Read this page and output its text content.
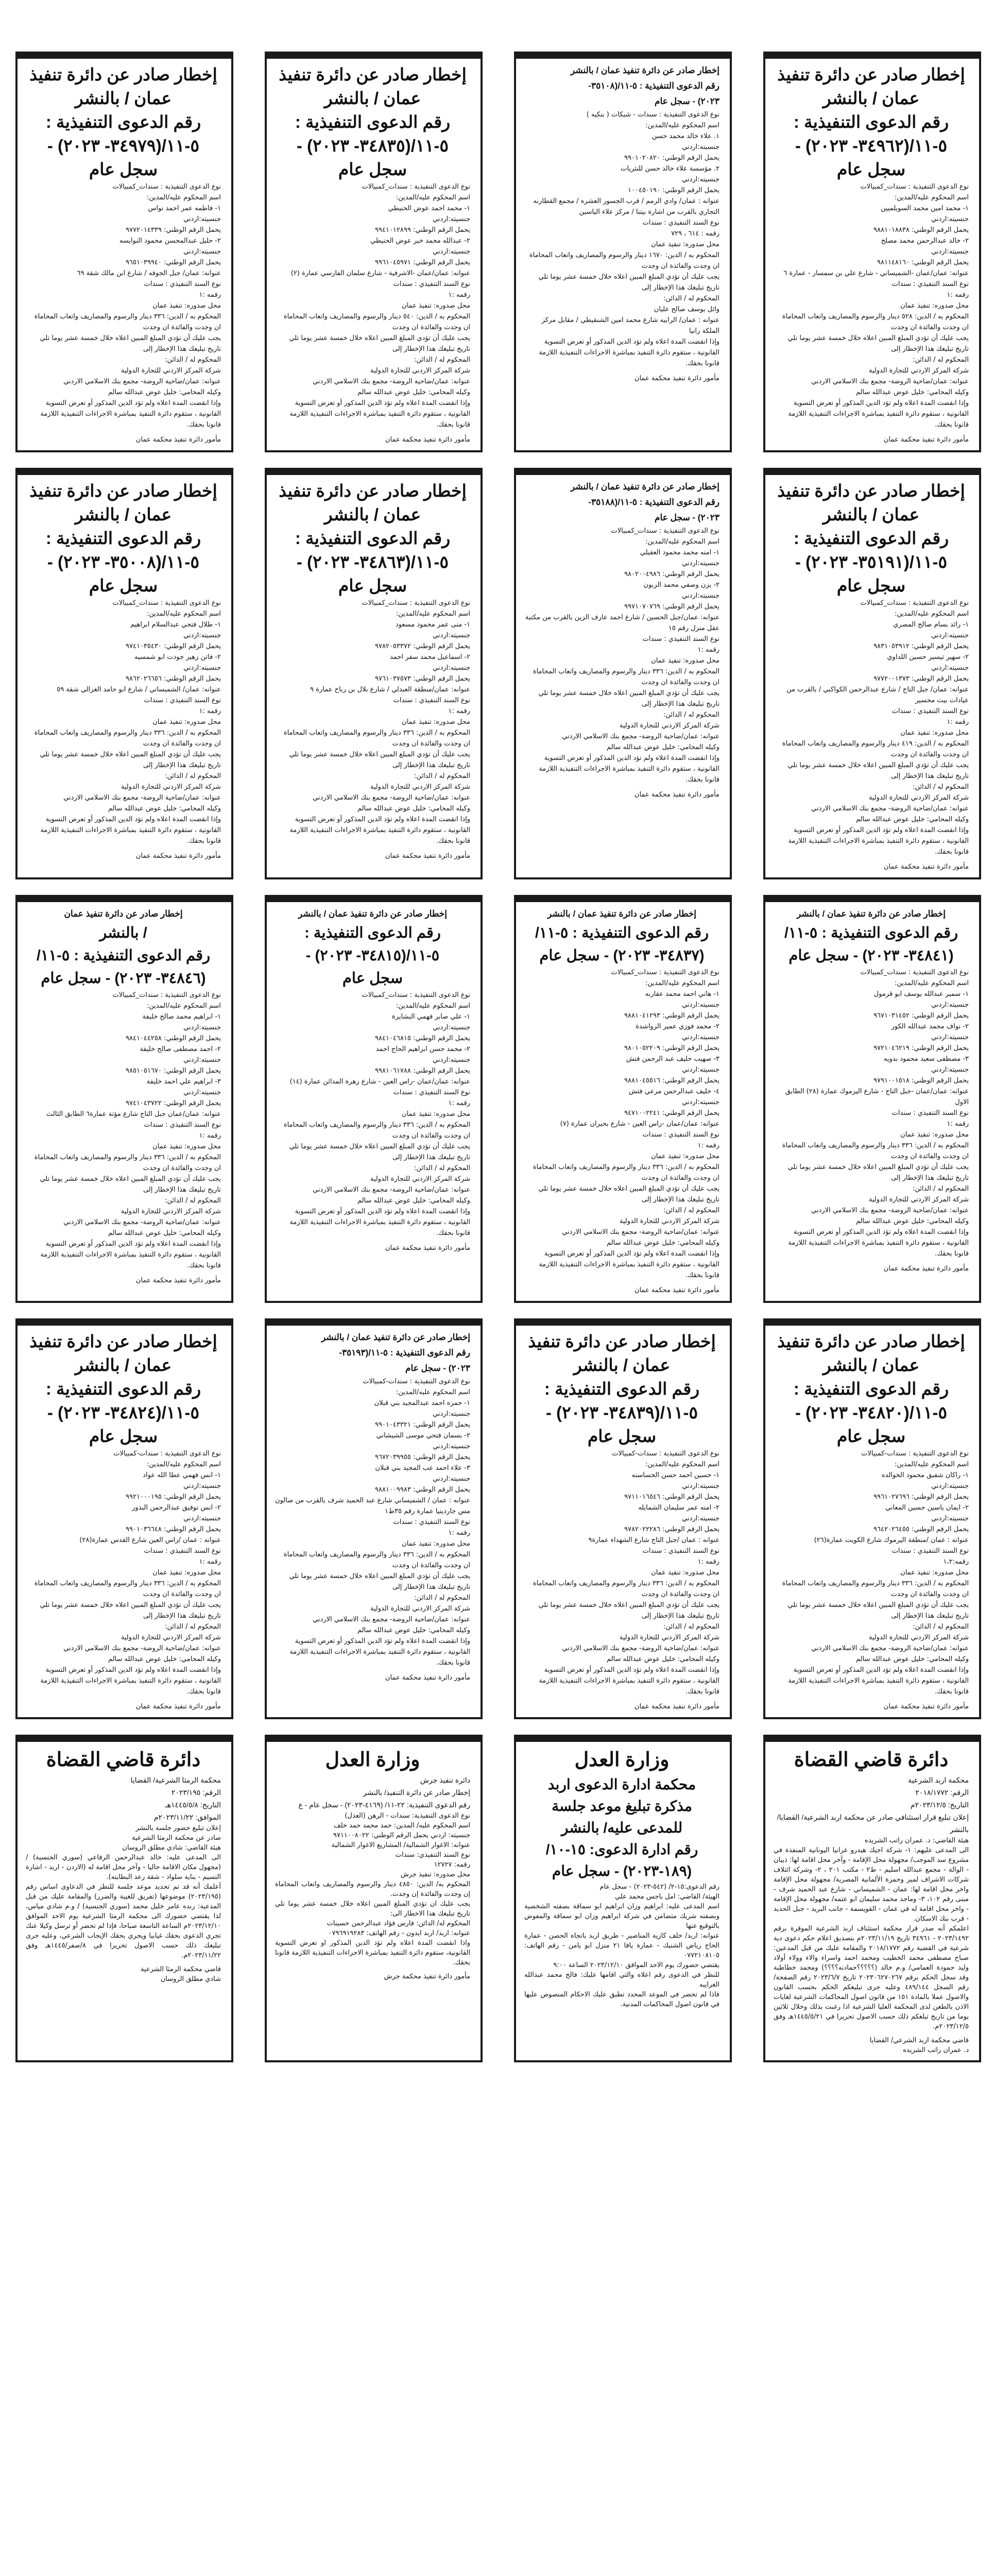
إخطار صادر عن دائرة تنفيذ
عمان / بالنشر
رقم الدعوى التنفيذية :
٥-١١/(٣٤٩٦٢- ٢٠٢٣) -
سجل عام
نوع الدعوى التنفيذية : سندات_كمبيالات
اسم المحكوم عليه/المدين:
١- محمد امين محمد السويلميين
جنسيته:اردني
يحمل الرقم الوطني: ٩٨٨١٠١٨٨٣٨
٢- خالد عبدالرحمن محمد مصلح
جنسيته:اردني
يحمل الرقم الوطني: ٩٨١١٤٨١٦٠
عنوانه: عمان/عمان -الشميساني - شارع علي بن سمسار - عمارة ٦
نوع السند التنفيذي : سندات
رقمه :١
محل صدوره: تنفيذ عمان
المحكوم به / الدين: ٥٢٨ دينار والرسوم والمصاريف واتعاب المحاماة ان وجدت والفائدة ان وجدت
يجب عليك أن تؤدي المبلغ المبين اعلاه خلال خمسة عشر يوما تلي تاريخ تبليغك هذا الإخطار إلى
المحكوم له / الدائن:
شركة المركز الاردني للتجارة الدولية
عنوانه: عمان/ضاحية الروضة- مجمع بنك الاسلامي الاردني
وكيله المحامي: خليل عوض عبدالله سالم
وإذا انقضت المدة اعلاه ولم تؤد الدين المذكور أو تعرض التسوية القانونية ، ستقوم دائرة التنفيذ بمباشرة الاجراءات التنفيذية اللازمة قانونا بحقك.
مأمور دائرة تنفيذ محكمة عمان
إخطار صادر عن دائرة تنفيذ عمان / بالنشر
رقم الدعوى التنفيذية : ٥-١١/(٣٥١٠٨-
٢٠٢٣) - سجل عام
نوع الدعوى التنفيذية : سندات - شيكات ( بنكيه )
اسم المحكوم عليه/المدين:
١. علاء خالد محمد حسن
جنسيته:اردني
يحمل الرقم الوطني: ٩٩٠١٠٢٠٨٢٠
٢. مؤسسة علاء خالد حسن للنثريات
جنسيته:اردني
يحمل الرقم الوطني: ١٠٠٤٥٠١٩٠
عنوانه : عمان/ وادي الرمم / قرب الجسور العشره / مجمع القطارنه التجاري بالقرب من اشارة بيتنا / مركز علاء الياسين
نوع السند التنفيذي : سندات
رقمه : ٦١٤ ، ٧٢٩
محل صدوره: تنفيذ عمان
المحكوم به / الدين: ١٦٧٠ دينار والرسوم والمصاريف واتعاب المحاماة ان وجدت والفائدة ان وجدت
يجب عليك أن تؤدي المبلغ المبين اعلاه خلال خمسة عشر يوما تلي تاريخ تبليغك هذا الإخطار إلى
المحكوم له / الدائن:
وائل يوسف صالح عليان
عنوانه : عمان/ الرابيه شارع محمد امين الشنقيطي / مقابل مركز الملكة رانيا
وإذا انقضت المدة اعلاه ولم تؤد الدين المذكور أو تعرض التسوية القانونية ، ستقوم دائرة التنفيذ بمباشرة الاجراءات التنفيذية اللازمة قانونا بحقك.
مأمور دائرة تنفيذ محكمة عمان
إخطار صادر عن دائرة تنفيذ
عمان / بالنشر
رقم الدعوى التنفيذية :
٥-١١/(٣٤٨٣٥- ٢٠٢٣) -
سجل عام
نوع الدعوى التنفيذية : سندات_كمبيالات
اسم المحكوم عليه/المدين:
١- محمد احمد عوض الحنيطي
جنسيته:اردني
يحمل الرقم الوطني: ٩٩٤١٠١٢٨٩٩
٢- عبدالله محمد خير عوض الحنيطي
جنسيته:اردني
يحمل الرقم الوطني: ٩٩٦١٠٤٥٩٧١
عنوانه: عمان/عمان -الاشرفية - شارع سلمان الفارسي عمارة (٢)
نوع السند التنفيذي : سندات
رقمه :١
محل صدوره: تنفيذ عمان
المحكوم به / الدين: ٥٤٠ دينار والرسوم والمصاريف واتعاب المحاماة ان وجدت والفائدة ان وجدت
يجب عليك أن تؤدي المبلغ المبين اعلاه خلال خمسة عشر يوما تلي تاريخ تبليغك هذا الإخطار إلى
المحكوم له / الدائن:
شركة المركز الاردني للتجارة الدولية
عنوانه: عمان/ضاحية الروضة- مجمع بنك الاسلامي الاردني
وكيله المحامي: خليل عوض عبدالله سالم
وإذا انقضت المدة اعلاه ولم تؤد الدين المذكور أو تعرض التسوية القانونية ، ستقوم دائرة التنفيذ بمباشرة الاجراءات التنفيذية اللازمة قانونا بحقك.
مأمور دائرة تنفيذ محكمة عمان
إخطار صادر عن دائرة تنفيذ
عمان / بالنشر
رقم الدعوى التنفيذية :
٥-١١/(٣٤٩٧٩- ٢٠٢٣) -
سجل عام
نوع الدعوى التنفيذية : سندات_كمبيالات
اسم المحكوم عليه/المدين:
١- فاطمه عمر احمد نواس
جنسيته:اردني
يحمل الرقم الوطني: ٩٧٧٢٠١٤٣٣٩
٢- حليل عبدالمحسن محمود النوايسه
جنسيته:اردني
يحمل الرقم الوطني: ٩٦٥١٠٣٩٩٤٠
عنوانه: عمان/ جبل الجوفه / شارع ابن مالك شقة ٦٩
نوع السند التنفيذي : سندات
رقمه :١
محل صدوره: تنفيذ عمان
المحكوم به / الدين: ٣٣٦ دينار والرسوم والمصاريف واتعاب المحاماة ان وجدت والفائدة ان وجدت
يجب عليك أن تؤدي المبلغ المبين اعلاه خلال خمسة عشر يوما تلي تاريخ تبليغك هذا الإخطار إلى
المحكوم له / الدائن:
شركة المركز الاردني للتجارة الدولية
عنوانه: عمان/ضاحية الروضة- مجمع بنك الاسلامي الاردني
وكيله المحامي: خليل عوض عبدالله سالم
وإذا انقضت المدة اعلاه ولم تؤد الدين المذكور أو تعرض التسوية القانونية ، ستقوم دائرة التنفيذ بمباشرة الاجراءات التنفيذية اللازمة قانونا بحقك.
مأمور دائرة تنفيذ محكمة عمان
إخطار صادر عن دائرة تنفيذ
عمان / بالنشر
رقم الدعوى التنفيذية :
٥-١١/(٣٥١٩١- ٢٠٢٣) -
سجل عام
نوع الدعوى التنفيذية : سندات_كمبيالات
اسم المحكوم عليه/المدين:
١- رائد بسام صالح المصري
جنسيته:اردني
يحمل الرقم الوطني: ٩٨٣١٠٥٣٩١٢
٢- سهير تيسير حسين اللداوي
جنسيته:اردني
يحمل الرقم الوطني: ٩٧٧٢٠٠١٣٧٣
عنوانه: عمان/ جبل التاج / شارع عبدالرحمن الكواكبي / بالقرب من عيادات بيت محسير
نوع السند التنفيذي : سندات
رقمه :١
محل صدوره: تنفيذ عمان
المحكوم به / الدين: ٤١٩ دينار والرسوم والمصاريف واتعاب المحاماة ان وجدت والفائدة ان وجدت
يجب عليك أن تؤدي المبلغ المبين اعلاه خلال خمسة عشر يوما تلي تاريخ تبليغك هذا الإخطار إلى
المحكوم له / الدائن:
شركة المركز الاردني للتجارة الدولية
عنوانه: عمان/ضاحية الروضة- مجمع بنك الاسلامي الاردني
وكيله المحامي: خليل عوض عبدالله سالم
وإذا انقضت المدة اعلاه ولم تؤد الدين المذكور أو تعرض التسوية القانونية ، ستقوم دائرة التنفيذ بمباشرة الاجراءات التنفيذية اللازمة قانونا بحقك.
مأمور دائرة تنفيذ محكمة عمان
إخطار صادر عن دائرة تنفيذ عمان / بالنشر
رقم الدعوى التنفيذية : ٥-١١/(٣٥١٨٨-
٢٠٢٣) - سجل عام
نوع الدعوى التنفيذية : سندات_كمبيالات
اسم المحكوم عليه/المدين:
١- امنه محمد محمود العقيلي
جنسيته:اردني
يحمل الرقم الوطني: ٩٨٠٢٠٠٤٩٨٦
٢- يزن وصفي محمد الزبون
جنسيته:اردني
يحمل الرقم الوطني: ٩٩٧١٠٧٠٧٦٩
عنوانه: عمان/جبل الحسين / شارع احمد عارف الزين بالقرب من مكتبة عقل منزل رقم ١٥
نوع السند التنفيذي : سندات
رقمه :١
محل صدوره: تنفيذ عمان
المحكوم به / الدين: ٣٣٦ دينار والرسوم والمصاريف واتعاب المحاماة ان وجدت والفائدة ان وجدت
يجب عليك أن تؤدي المبلغ المبين اعلاه خلال خمسة عشر يوما تلي تاريخ تبليغك هذا الإخطار إلى
المحكوم له / الدائن:
شركة المركز الاردني للتجارة الدولية
عنوانه: عمان/ضاحية الروضة- مجمع بنك الاسلامي الاردني
وكيله المحامي: خليل عوض عبدالله سالم
وإذا انقضت المدة اعلاه ولم تؤد الدين المذكور أو تعرض التسوية القانونية ، ستقوم دائرة التنفيذ بمباشرة الاجراءات التنفيذية اللازمة قانونا بحقك.
مأمور دائرة تنفيذ محكمة عمان
إخطار صادر عن دائرة تنفيذ
عمان / بالنشر
رقم الدعوى التنفيذية :
٥-١١/(٣٤٨٦٣- ٢٠٢٣) -
سجل عام
نوع الدعوى التنفيذية : سندات_كمبيالات
اسم المحكوم عليه/المدين:
١- منى عمر محمود مسعود
جنسيته:اردني
يحمل الرقم الوطني: ٩٧٨٢٠٥٣٣٧٢
٢- اسماعيل محمد سفر احمد
جنسيته:اردني
يحمل الرقم الوطني: ٩٧٦١٠٣٧٥٧٣
عنوانه: عمان/منطقة العبدلي / شارع بلال بن رباح عمارة ٩
نوع السند التنفيذي : سندات
رقمه :١
محل صدوره: تنفيذ عمان
المحكوم به / الدين: ٣٣٦ دينار والرسوم والمصاريف واتعاب المحاماة ان وجدت والفائدة ان وجدت
يجب عليك أن تؤدي المبلغ المبين اعلاه خلال خمسة عشر يوما تلي تاريخ تبليغك هذا الإخطار إلى
المحكوم له / الدائن:
شركة المركز الاردني للتجارة الدولية
عنوانه: عمان/ضاحية الروضة- مجمع بنك الاسلامي الاردني
وكيله المحامي: خليل عوض عبدالله سالم
وإذا انقضت المدة اعلاه ولم تؤد الدين المذكور أو تعرض التسوية القانونية ، ستقوم دائرة التنفيذ بمباشرة الاجراءات التنفيذية اللازمة قانونا بحقك.
مأمور دائرة تنفيذ محكمة عمان
إخطار صادر عن دائرة تنفيذ
عمان / بالنشر
رقم الدعوى التنفيذية :
٥-١١/(٣٥٠٠٨- ٢٠٢٣) -
سجل عام
نوع الدعوى التنفيذية : سندات_كمبيالات
اسم المحكوم عليه/المدين:
١- طلال فتحي عبدالسلام ابراهيم
جنسيته:اردني
يحمل الرقم الوطني: ٩٧٤١٠٣٥٤٣٠
٢- فاتن زهير جودت ابو شمسيه
جنسيته:اردني
يحمل الرقم الوطني: ٩٨٦٢٠٢٦٦٥٦
عنوانه: عمان/ الشميساني / شارع ابو حامد الغزالي شقة ٥٩
نوع السند التنفيذي : سندات
رقمه :١
محل صدوره: تنفيذ عمان
المحكوم به / الدين: ٣٣٦ دينار والرسوم والمصاريف واتعاب المحاماة ان وجدت والفائدة ان وجدت
يجب عليك أن تؤدي المبلغ المبين اعلاه خلال خمسة عشر يوما تلي تاريخ تبليغك هذا الإخطار إلى
المحكوم له / الدائن:
شركة المركز الاردني للتجارة الدولية
عنوانه: عمان/ضاحية الروضة- مجمع بنك الاسلامي الاردني
وكيله المحامي: خليل عوض عبدالله سالم
وإذا انقضت المدة اعلاه ولم تؤد الدين المذكور أو تعرض التسوية القانونية ، ستقوم دائرة التنفيذ بمباشرة الاجراءات التنفيذية اللازمة قانونا بحقك.
مأمور دائرة تنفيذ محكمة عمان
إخطار صادر عن دائرة تنفيذ عمان / بالنشر
رقم الدعوى التنفيذية : ٥-١١/
(٣٤٨٤١- ٢٠٢٣) - سجل عام
نوع الدعوى التنفيذية : سندات_كمبيالات
اسم المحكوم عليه/المدين:
١- سمير عبدالله يوسف ابو قرمول
جنسيته:اردني
يحمل الرقم الوطني: ٩٦٧١٠٣١٤٥٢
٢- نواف محمد عبدالله الكور
جنسيته:اردني
يحمل الرقم الوطني: ٩٧٢١٠٤٦٢١٩
٣- مصطفى سعيد محمود بدويه
جنسيته:اردني
يحمل الرقم الوطني: ٩٧٩١٠٠١٥١٨
عنوانه: عمان/عمان -جبل التاج - شارع اليرموك عمارة (٢٨) الطابق الاول
نوع السند التنفيذي : سندات
رقمه :١
محل صدوره: تنفيذ عمان
المحكوم به / الدين: ٣٣٦ دينار والرسوم والمصاريف واتعاب المحاماة ان وجدت والفائدة ان وجدت
يجب عليك أن تؤدي المبلغ المبين اعلاه خلال خمسة عشر يوما تلي تاريخ تبليغك هذا الإخطار إلى
المحكوم له / الدائن:
شركة المركز الاردني للتجارة الدولية
عنوانه: عمان/ضاحية الروضة- مجمع بنك الاسلامي الاردني
وكيله المحامي: خليل عوض عبدالله سالم
وإذا انقضت المدة اعلاه ولم تؤد الدين المذكور أو تعرض التسوية القانونية ، ستقوم دائرة التنفيذ بمباشرة الاجراءات التنفيذية اللازمة قانونا بحقك.
مأمور دائرة تنفيذ محكمة عمان
إخطار صادر عن دائرة تنفيذ عمان / بالنشر
رقم الدعوى التنفيذية : ٥-١١/
(٣٤٨٣٧- ٢٠٢٣) - سجل عام
نوع الدعوى التنفيذية : سندات_كمبيالات
اسم المحكوم عليه/المدين:
١- هاني احمد محمد عقاربه
جنسيته:اردني
يحمل الرقم الوطني: ٩٨٨١٠٤١٢٩٣
٢- محمد فوزي عمير الرواشدة
جنسيته:اردني
يحمل الرقم الوطني: ٩٨٠١٠٥٢٢٠٩
٣- صهيب خليف عبد الرحمن فتش
جنسيته:اردني
يحمل الرقم الوطني: ٩٨٨١٠٤٥٥١٦
٤- خليف عبدالرحمن مرعي فتش
جنسيته:اردني
يحمل الرقم الوطني: ٩٤٧١٠٠٢٢٤١
عنوانه: عمان/عمان -راس العين - شارع بحيران عمارة (٧)
نوع السند التنفيذي : سندات
رقمه :١
محل صدوره: تنفيذ عمان
المحكوم به / الدين: ٣٣٦ دينار والرسوم والمصاريف واتعاب المحاماة ان وجدت والفائدة ان وجدت
يجب عليك أن تؤدي المبلغ المبين اعلاه خلال خمسة عشر يوما تلي تاريخ تبليغك هذا الإخطار إلى
المحكوم له / الدائن:
شركة المركز الاردني للتجارة الدولية
عنوانه: عمان/ضاحية الروضة- مجمع بنك الاسلامي الاردني
وكيله المحامي: خليل عوض عبدالله سالم
وإذا انقضت المدة اعلاه ولم تؤد الدين المذكور أو تعرض التسوية القانونية ، ستقوم دائرة التنفيذ بمباشرة الاجراءات التنفيذية اللازمة قانونا بحقك.
مأمور دائرة تنفيذ محكمة عمان
إخطار صادر عن دائرة تنفيذ عمان / بالنشر
رقم الدعوى التنفيذية :
٥-١١/(٣٤٨١٥- ٢٠٢٣) -
سجل عام
نوع الدعوى التنفيذية : سندات_كمبيالات
اسم المحكوم عليه/المدين:
١- علي صابر فهمي البشايرة
جنسيته:اردني
يحمل الرقم الوطني: ٩٨٤١٠٤٦٨١٥
٢- محمد حسن ابراهيم الحاج احمد
جنسيته:اردني
يحمل الرقم الوطني: ٩٩٨١٠٦١٧٨٨
عنوانه: عمان/عمان -راس العين - شارع زهرة المدائن عمارة (١٤)
نوع السند التنفيذي : سندات
رقمه :١
محل صدوره: تنفيذ عمان
المحكوم به / الدين: ٣٣٦ دينار والرسوم والمصاريف واتعاب المحاماة ان وجدت والفائدة ان وجدت
يجب عليك أن تؤدي المبلغ المبين اعلاه خلال خمسة عشر يوما تلي تاريخ تبليغك هذا الإخطار إلى
المحكوم له / الدائن:
شركة المركز الاردني للتجارة الدولية
عنوانه: عمان/ضاحية الروضة- مجمع بنك الاسلامي الاردني
وكيله المحامي: خليل عوض عبدالله سالم
وإذا انقضت المدة اعلاه ولم تؤد الدين المذكور أو تعرض التسوية القانونية ، ستقوم دائرة التنفيذ بمباشرة الاجراءات التنفيذية اللازمة قانونا بحقك.
مأمور دائرة تنفيذ محكمة عمان
إخطار صادر عن دائرة تنفيذ عمان
/ بالنشر
رقم الدعوى التنفيذية : ٥-١١/
(٣٤٨٤٦- ٢٠٢٣) - سجل عام
نوع الدعوى التنفيذية : سندات_كمبيالات
اسم المحكوم عليه/المدين:
١- ابراهيم محمد صالح خليفة
جنسيته:اردني
يحمل الرقم الوطني: ٩٨٤١٠٤٤٢٥٨
٢- احمد مصطفى صالح خليفة
جنسيته:اردني
يحمل الرقم الوطني: ٩٨٥١٠٥١٦٧٠
٣- ابراهيم علي احمد خليفة
جنسيته:اردني
يحمل الرقم الوطني: ٩٧٤١٠٤٣٧٢٢
عنوانه: عمان/عمان جبل التاج شارع مؤتة عمارة٦ الطابق الثالث
نوع السند التنفيذي : سندات
رقمه :١
محل صدوره: تنفيذ عمان
المحكوم به / الدين: ٣٣٦ دينار والرسوم والمصاريف واتعاب المحاماة ان وجدت والفائدة ان وجدت
يجب عليك أن تؤدي المبلغ المبين اعلاه خلال خمسة عشر يوما تلي تاريخ تبليغك هذا الإخطار إلى
المحكوم له / الدائن:
شركة المركز الاردني للتجارة الدولية
عنوانه: عمان/ضاحية الروضة- مجمع بنك الاسلامي الاردني
وكيله المحامي: خليل عوض عبدالله سالم
وإذا انقضت المدة اعلاه ولم تؤد الدين المذكور أو تعرض التسوية القانونية ، ستقوم دائرة التنفيذ بمباشرة الاجراءات التنفيذية اللازمة قانونا بحقك.
مأمور دائرة تنفيذ محكمة عمان
إخطار صادر عن دائرة تنفيذ
عمان / بالنشر
رقم الدعوى التنفيذية :
٥-١١/(٣٤٨٢٠- ٢٠٢٣) -
سجل عام
نوع الدعوى التنفيذية : سندات-كمبيالات
اسم المحكوم عليه/المدين:
١- راكان شفيق محمود الخوالده
جنسيته:اردني
يحمل الرقم الوطني: ٩٩٦١٠٢٧٦٩٦
٢- ايمان ياسين حسين المعاني
جنسيته:اردني
يحمل الرقم الوطني: ٩٦٤٢٠٢٦٤٥٥
عنوانه : عمان /منطقة اليرموك شارع الكويت عمارة(٢٦)
نوع السند التنفيذي : سندات
رقمه:١،٢
محل صدوره: تنفيذ عمان
المحكوم به / الدين: ٣٣٦ دينار والرسوم والمصاريف واتعاب المحاماة ان وجدت والفائدة ان وجدت
يجب عليك أن تؤدي المبلغ المبين اعلاه خلال خمسة عشر يوما تلي تاريخ تبليغك هذا الإخطار إلى
المحكوم له / الدائن:
شركة المركز الاردني للتجارة الدولية
عنوانه: عمان/ضاحية الروضة- مجمع بنك الاسلامي الاردني
وكيله المحامي: خليل عوض عبدالله سالم
وإذا انقضت المدة اعلاه ولم تؤد الدين المذكور أو تعرض التسوية القانونية ، ستقوم دائرة التنفيذ بمباشرة الاجراءات التنفيذية اللازمة قانونا بحقك.
مأمور دائرة تنفيذ محكمة عمان
إخطار صادر عن دائرة تنفيذ
عمان / بالنشر
رقم الدعوى التنفيذية :
٥-١١/(٣٤٨٣٩- ٢٠٢٣) -
سجل عام
نوع الدعوى التنفيذية : سندات-كمبيالات
اسم المحكوم عليه/المدين:
١- حسين احمد حسن الحساسنه
جنسيته:اردني
يحمل الرقم الوطني: ٩٧١١٠١٦٥٤٦
٢- امنه عمر سليمان الشمايله
جنسيته:اردني
يحمل الرقم الوطني: ٩٧٨٢٠٢٢٢٨٦
عنوانه : عمان /جبل التاج شارع الشهداء عمارة٩
نوع السند التنفيذي : سندات
رقمه :١
محل صدوره: تنفيذ عمان
المحكوم به / الدين: ٣٣٦ دينار والرسوم والمصاريف واتعاب المحاماة ان وجدت والفائدة ان وجدت
يجب عليك أن تؤدي المبلغ المبين اعلاه خلال خمسة عشر يوما تلي تاريخ تبليغك هذا الإخطار إلى
المحكوم له / الدائن:
شركة المركز الاردني للتجارة الدولية
عنوانه: عمان/ضاحية الروضة- مجمع بنك الاسلامي الاردني
وكيله المحامي: خليل عوض عبدالله سالم
وإذا انقضت المدة اعلاه ولم تؤد الدين المذكور أو تعرض التسوية القانونية ، ستقوم دائرة التنفيذ بمباشرة الاجراءات التنفيذية اللازمة قانونا بحقك.
مأمور دائرة تنفيذ محكمة عمان
إخطار صادر عن دائرة تنفيذ عمان / بالنشر
رقم الدعوى التنفيذية : ٥-١١/(٣٥١٩٣-
٢٠٢٣) - سجل عام
نوع الدعوى التنفيذية : سندات-كمبيالات
اسم المحكوم عليه/المدين:
١- حمزه احمد عبدالمجيد بني قبلان
جنسيته:اردني
يحمل الرقم الوطني: ٩٩٠١٠٤٣٣٢١
٢- بسمان فتحي موسى الشيشاني
جنسيته:اردني
يحمل الرقم الوطني: ٩٦٧٢٠٣٩٩٥٥
٣- علاء احمد عب المجيد بني قبلان
جنسيته:اردني
يحمل الرقم الوطني: ٩٨٨١٠٠٩٩٨٣
عنوانه : عمان / الشميساني شارع عبد الحميد شرف بالقرب من صالون مس جاردينيا عمارة رقم ٣٥ط١
نوع السند التنفيذي : سندات
رقمه :١
محل صدوره: تنفيذ عمان
المحكوم به / الدين: ٣٣٦ دينار والرسوم والمصاريف واتعاب المحاماة ان وجدت والفائدة ان وجدت
يجب عليك أن تؤدي المبلغ المبين اعلاه خلال خمسة عشر يوما تلي تاريخ تبليغك هذا الإخطار إلى
المحكوم له / الدائن:
شركة المركز الاردني للتجارة الدولية
عنوانه: عمان/ضاحية الروضة- مجمع بنك الاسلامي الاردني
وكيله المحامي: خليل عوض عبدالله سالم
وإذا انقضت المدة اعلاه ولم تؤد الدين المذكور أو تعرض التسوية القانونية ، ستقوم دائرة التنفيذ بمباشرة الاجراءات التنفيذية اللازمة قانونا بحقك.
مأمور دائرة تنفيذ محكمة عمان
إخطار صادر عن دائرة تنفيذ
عمان / بالنشر
رقم الدعوى التنفيذية :
٥-١١/(٣٤٨٢٤- ٢٠٢٣) -
سجل عام
نوع الدعوى التنفيذية : سندات-كمبيالات
اسم المحكوم عليه/المدين:
١- انس فهمي عطا الله عواد
جنسيته:اردني
يحمل الرقم الوطني: ٩٩٢١٠٠٠١٩٥
٢- انس توفيق عبدالرحمن البدور
جنسيته:اردني
يحمل الرقم الوطني: ٩٩٠١٠٣٦٦٤٨
عنوانه : عمان /راس العين شارع القدس عمارة(٢٨)
نوع السند التنفيذي : سندات
رقمه :١
محل صدوره: تنفيذ عمان
المحكوم به / الدين: ٣٣٦ دينار والرسوم والمصاريف واتعاب المحاماة ان وجدت والفائدة ان وجدت
يجب عليك أن تؤدي المبلغ المبين اعلاه خلال خمسة عشر يوما تلي تاريخ تبليغك هذا الإخطار إلى
المحكوم له / الدائن:
شركة المركز الاردني للتجارة الدولية
عنوانه: عمان/ضاحية الروضة- مجمع بنك الاسلامي الاردني
وكيله المحامي: خليل عوض عبدالله سالم
وإذا انقضت المدة اعلاه ولم تؤد الدين المذكور أو تعرض التسوية القانونية ، ستقوم دائرة التنفيذ بمباشرة الاجراءات التنفيذية اللازمة قانونا بحقك.
مأمور دائرة تنفيذ محكمة عمان
دائرة قاضي القضاة
محكمة اربد الشرعية
الرقم: ٢٠١٨/١٧٧٢
التاريخ: ٢٠٢٣/١٢/٥م
إعلان تبليغ قرار استئنافي صادر عن محكمة اربد الشرعية/ القضايا/ بالنشر
هيئة القاضي: د. عمران راتب الشريده
الى المدعى عليهم: ١- شركة اجيك هيدرو غرانيا اليونانية المنفذة في مشروع سد الموجب/ مجهولة محل الإقامة - وآخر محل اقامة لها: ذيبان - الوالة - مجمع عبدالله اسليم - ط٢ - مكتب ٢٠١ ، ٢- وشركة ائتلاف شركات الاشراف لمير وحمزة الألمانية المصرية/ مجهولة محل الإقامة واخر محل اقامة لها: عمان - الشميساني - شارع عبد الحميد شرف - مبنى رقم ١٠٢، ٣- وماجد محمد سليمان ابو عتمه/ مجهولة محل الإقامة - واخر محل اقامة له في عمان - القويسمة - جانب البريد - جبل الحديد - قرب بنك الاسكان.
اعلمكم أنه صدر قرار محكمة استئناف اربد الشرعية الموقرة برقم ٢٠٢٣/١٤٩٢ - ٣٤٩٦١ تاريخ ٢٠٢٣/١١/١٩م بتصديق اعلام حكم دعوى دية شرعية في القضية رقم ٢٠١٨/١٧٧٢ والمقامة عليك من قبل المدعين: صباح مصطفى محمد الخطيب ومحمد احمد واسراء والاء وولاء أولاد وليد حمودة العمامي/ و.م خالد (؟؟؟؟؟حمادنه؟؟؟؟) ومحمد خطاطبة وقد سجل الحكم برقم ٢٠٢٣٠٦٢٧٠٢٦٧ تاريخ ٢٠٢٣/٦/٧ رقم الصفحة/ رقم السجل ٤٨٩/١٤٤ وعليه جرى تبليغكم الحكم بحسب القانون والاصول عملا بالمادة ١٥١ من قانون اصول المحاكمات الشرعية لغايات الاذن بالطعن لدى المحكمة العليا الشرعية اذا رغبت بذلك وخلال ثلاثين يوما من تاريخ تبلغكم ذلك حسب الاصول تحريرا في ١٤٤٥/٥/٢١هـ وفق ٢٠٢٣/١٢/٥م.
قاضي محكمة اربد الشرعي/ القضايا
د. عمران راتب الشريده
وزارة العدل
محكمة ادارة الدعوى اربد
مذكرة تبليغ موعد جلسة
للمدعى عليه/ بالنشر
رقم ادارة الدعوى: ١٥-١٠/
(١٨٩-٢٠٢٣) - سجل عام
رقم الدعوى:١٥-٢/ (٥٤٢-٢٠٢٣) - سجل عام
الهيئة/ القاضي: امل باجس محمد علي
اسم المدعى عليه: ابراهيم وزان ابراهيم ابو سماقة بصفته الشخصية وبصفته شريك متضامن في شركة ابراهيم وزان ابو سماقة والمفوض بالتوقيع عنها
عنوانه: اربد/ خلف كازية المناصير - طريق اربد باتجاه الحصن - عمارة الحاج رياض الشنيك - عمارة يافا ٢١ منزل ابو يامن - رقم الهاتف: ٠٧٧٢١٠٨١٠٥
يقتضي حضورك يوم الاحد الموافق ٢٠٢٣/١٢/١٠ الساعة ٩:٠٠
للنظر في الدعوى رقم اعلاه والتي اقامها عليك: فالح محمد عبدالله الغرايبه
فاذا لم تحضر في الموعد المحدد تطبق عليك الاحكام المنصوص عليها في قانون اصول المحاكمات المدنية.
وزارة العدل
دائرة تنفيذ جرش
إخطار صادر عن دائرة التنفيذ/ بالنشر
رقم الدعوى التنفيذية: ٢٢-١١/ (٤١٦٩-٢٠٢٣) - سجل عام - ع
نوع الدعوى التنفيذية: سندات - الرهن (العدل)
اسم المحكوم عليه/ المدين: حمد محمد حمد خلف
جنسيته: اردني يحمل الرقم الوطني: ٩٧١١٠٠٨٠٢٢
عنوانه: الاغوار الشمالية/ المشاريع الاغوار الشمالية
نوع السند التنفيذي: سندات
رقمه: ١٢٧٢٧
محل صدوره: تنفيذ جرش
المحكوم به/ الدين: ٤٨٥٠ دينار والرسوم والمصاريف واتعاب المحاماة إن وجدت والفائدة إن وجدت.
يجب عليك ان تؤدي المبلغ المبين اعلاه خلال خمسة عشر يوما تلي تاريخ تبليغك هذا الاخطار الى:
المحكوم له/ الدائن: فارس فؤاد عبدالرحمن حسينات
عنوانه: اربد/ اربد ايدون - رقم الهاتف: ٠٧٩٦٩١٩٢٨٣
واذا انقضت المدة اعلاه ولم تؤد الدين المذكور او تعرض التسوية القانونية، ستقوم دائرة التنفيذ بمباشرة الاجراءات التنفيذية اللازمة قانونا بحقك.
مأمور دائرة تنفيذ محكمة جرش
دائرة قاضي القضاة
محكمة الرمثا الشرعية/ القضايا
الرقم: ٢٠٢٣/١٩٥
التاريخ: ١٤٤٥/٥/٨هـ
الموافق: ٢٠٢٣/١١/٢٢م
إعلان تبليغ حضور جلسة بالنشر
صادر عن محكمة الرمثا الشرعية
هيئة القاضي: شادي مطلق الروسان
الى المدعى عليه: خالد عبدالرحمن الرفاعي (سوري الجنسية) / (مجهول مكان الاقامة حاليا - وآخر محل اقامة له (الاردن - اربد - اشارة النسيم - بناية سلواد - شقة رعد البطاينه).
أعلمك أنه قد تم تحديد موعد جلسة للنظر في الدعاوى اساس رقم (٢٠٢٣/١٩٥) موضوعها (تفريق للغيبة والضرر) والمقامة عليك من قبل المدعية: رنده عامر خليل محمد (سوري الجنسية) / و.م شادي مياس، لذا يقتضي حضورك الى محكمة الرمثا الشرعية يوم الاحد الموافق ٢٠٢٣/١٢/١٠م الساعة التاسعة صباحا، فإذا لم تحضر أو ترسل وكيلا عنك تجري الدعوى بحقك غيابيا ويجري بحقك الإيجاب الشرعي، وعليه جرى تبليغك ذلك حسب الاصول تحريرا في ٨/صفر/١٤٤٥هـ وفق ٢٠٢٣/١١/٢٢م.
قاضي محكمة الرمثا الشرعية
شادي مطلق الروسان
